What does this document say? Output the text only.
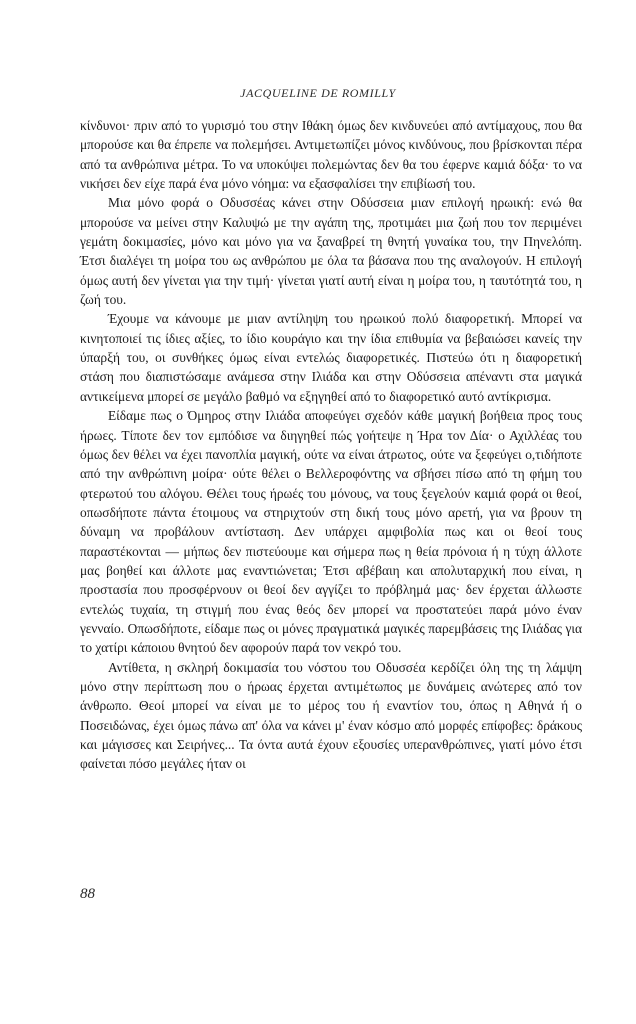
JACQUELINE DE ROMILLY

κίνδυνοι· πριν από το γυρισμό του στην Ιθάκη όμως δεν κινδυνεύει από αντίμαχους, που θα μπορούσε και θα έπρεπε να πολεμήσει. Αντιμετωπίζει μόνος κινδύνους, που βρίσκονται πέρα από τα ανθρώπινα μέτρα. Το να υποκύψει πολεμώντας δεν θα του έφερνε καμιά δόξα· το να νικήσει δεν είχε παρά ένα μόνο νόημα: να εξασφαλίσει την επιβίωσή του.

Μια μόνο φορά ο Οδυσσέας κάνει στην Οδύσσεια μιαν επιλογή ηρωική: ενώ θα μπορούσε να μείνει στην Καλυψώ με την αγάπη της, προτιμάει μια ζωή που τον περιμένει γεμάτη δοκιμασίες, μόνο και μόνο για να ξαναβρεί τη θνητή γυναίκα του, την Πηνελόπη. Έτσι διαλέγει τη μοίρα του ως ανθρώπου με όλα τα βάσανα που της αναλογούν. Η επιλογή όμως αυτή δεν γίνεται για την τιμή· γίνεται γιατί αυτή είναι η μοίρα του, η ταυτότητά του, η ζωή του.

Έχουμε να κάνουμε με μιαν αντίληψη του ηρωικού πολύ διαφορετική. Μπορεί να κινητοποιεί τις ίδιες αξίες, το ίδιο κουράγιο και την ίδια επιθυμία να βεβαιώσει κανείς την ύπαρξή του, οι συνθήκες όμως είναι εντελώς διαφορετικές. Πιστεύω ότι η διαφορετική στάση που διαπιστώσαμε ανάμεσα στην Ιλιάδα και στην Οδύσσεια απέναντι στα μαγικά αντικείμενα μπορεί σε μεγάλο βαθμό να εξηγηθεί από το διαφορετικό αυτό αντίκρισμα.

Είδαμε πως ο Όμηρος στην Ιλιάδα αποφεύγει σχεδόν κάθε μαγική βοήθεια προς τους ήρωες. Τίποτε δεν τον εμπόδισε να διηγηθεί πώς γοήτεψε η Ήρα τον Δία· ο Αχιλλέας του όμως δεν θέλει να έχει πανοπλία μαγική, ούτε να είναι άτρωτος, ούτε να ξεφεύγει ο,τιδήποτε από την ανθρώπινη μοίρα· ούτε θέλει ο Βελλεροφόντης να σβήσει πίσω από τη φήμη του φτερωτού του αλόγου. Θέλει τους ήρωές του μόνους, να τους ξεγελούν καμιά φορά οι θεοί, οπωσδήποτε πάντα έτοιμους να στηριχτούν στη δική τους μόνο αρετή, για να βρουν τη δύναμη να προβάλουν αντίσταση. Δεν υπάρχει αμφιβολία πως και οι θεοί τους παραστέκονται — μήπως δεν πιστεύουμε και σήμερα πως η θεία πρόνοια ή η τύχη άλλοτε μας βοηθεί και άλλοτε μας εναντιώνεται; Έτσι αβέβαιη και απολυταρχική που είναι, η προστασία που προσφέρνουν οι θεοί δεν αγγίζει το πρόβλημά μας· δεν έρχεται άλλωστε εντελώς τυχαία, τη στιγμή που ένας θεός δεν μπορεί να προστατεύει παρά μόνο έναν γενναίο. Οπωσδήποτε, είδαμε πως οι μόνες πραγματικά μαγικές παρεμβάσεις της Ιλιάδας για το χατίρι κάποιου θνητού δεν αφορούν παρά τον νεκρό του.

Αντίθετα, η σκληρή δοκιμασία του νόστου του Οδυσσέα κερδίζει όλη της τη λάμψη μόνο στην περίπτωση που ο ήρωας έρχεται αντιμέτωπος με δυνάμεις ανώτερες από τον άνθρωπο. Θεοί μπορεί να είναι με το μέρος του ή εναντίον του, όπως η Αθηνά ή ο Ποσειδώνας, έχει όμως πάνω απ' όλα να κάνει μ' έναν κόσμο από μορφές επίφοβες: δράκους και μάγισσες και Σειρήνες... Τα όντα αυτά έχουν εξουσίες υπερανθρώπινες, γιατί μόνο έτσι φαίνεται πόσο μεγάλες ήταν οι

88
